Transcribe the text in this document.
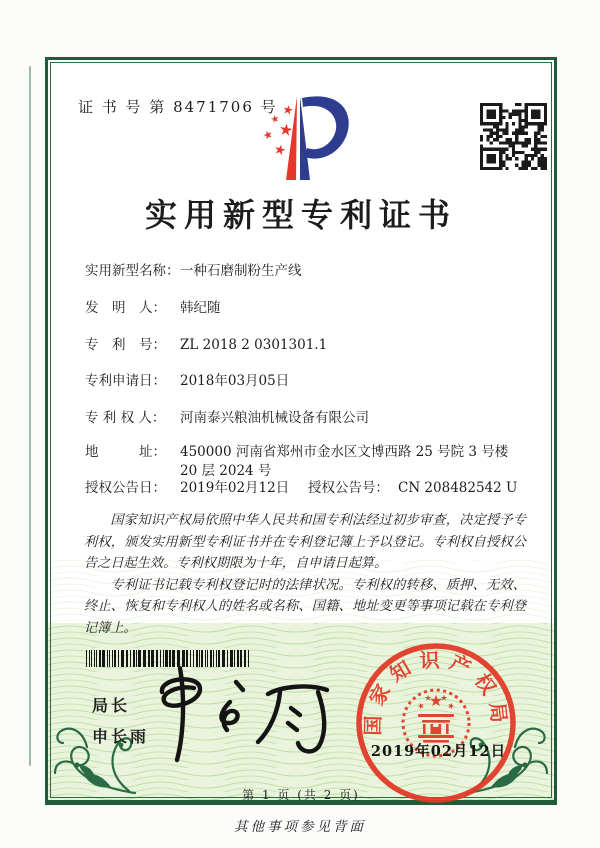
证 书 号 第 8471706 号
实用新型专利证书
实用新型名称： 一种石磨制粉生产线
发　明　人：	韩纪随
专　利　号：	ZL 2018 2 0301301.1
专利申请日：	2018年03月05日
专 利 权 人：	河南泰兴粮油机械设备有限公司
地　　　址：	450000 河南省郑州市金水区文博西路 25 号院 3 号楼 20 层 2024 号
授权公告日：	2019年02月12日	授权公告号： CN 208482542 U

国家知识产权局依照中华人民共和国专利法经过初步审查，决定授予专利权，颁发实用新型专利证书并在专利登记簿上予以登记。专利权自授权公告之日起生效。专利权期限为十年，自申请日起算。

专利证书记载专利权登记时的法律状况。专利权的转移、质押、无效、终止、恢复和专利权人的姓名或名称、国籍、地址变更等事项记载在专利登记簿上。

局长
申长雨
国家知识产权局
2019年02月12日
第 1 页 (共 2 页)
其他事项参见背面
